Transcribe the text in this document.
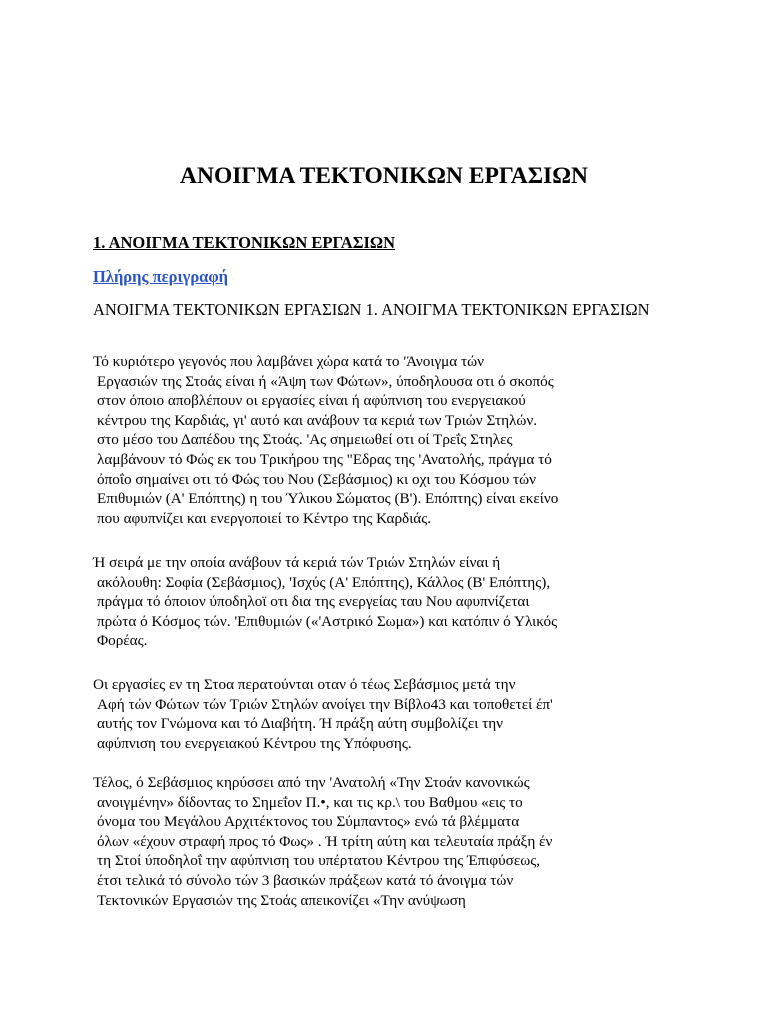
ΑΝΟΙΓΜΑ ΤΕΚΤΟΝΙΚΩΝ ΕΡΓΑΣΙΩΝ
1. ΑΝΟΙΓΜΑ ΤΕΚΤΟΝΙΚΩΝ ΕΡΓΑΣΙΩΝ
Πλήρης περιγραφή

ΑΝΟΙΓΜΑ ΤΕΚΤΟΝΙΚΩΝ ΕΡΓΑΣΙΩΝ 1. ΑΝΟΙΓΜΑ ΤΕΚΤΟΝΙΚΩΝ ΕΡΓΑΣΙΩΝ

Τό κυριότερο γεγονός που λαμβάνει χώρα κατά το 'Άνοιγμα τών
Εργασιών της Στοάς είναι ή «Άψη των Φώτων», ύποδηλουσα οτι ό σκοπός
στον όποιο αποβλέπουν οι εργασίες είναι ή αφύπνιση του ενεργειακού
κέντρου της Καρδιάς, γι' αυτό και ανάβουν τα κεριά των Τριών Στηλών.
στο μέσο του Δαπέδου της Στοάς. 'Ας σημειωθεί οτι οί Τρεΐς Στηλες
λαμβάνουν τό Φώς εκ του Τρικήρου της "Εδρας της 'Ανατολής, πράγμα τό
όποΐο σημαίνει οτι τό Φώς του Νου (Σεβάσμιος) κι οχι του Κόσμου τών
Επιθυμιών (Α' Επόπτης) η του Ύλικου Σώματος (Β'). Επόπτης) είναι εκείνο
που αφυπνίζει και ενεργοποιεί το Κέντρο της Καρδιάς.

Ή σειρά με την οποία ανάβουν τά κεριά τών Τριών Στηλών είναι ή
ακόλουθη: Σοφία (Σεβάσμιος), 'Ισχύς (Α' Επόπτης), Κάλλος (Β' Επόπτης),
πράγμα τό όποιον ύποδηλοϊ οτι δια της ενεργείας ταυ Νου αφυπνίζεται
πρώτα ό Κόσμος τών. 'Επιθυμιών («'Αστρικό Σωμα») και κατόπιν ό Υλικός
Φορέας.

Οι εργασίες εν τη Στοα περατούνται οταν ό τέως Σεβάσμιος μετά την
Αφή τών Φώτων τών Τριών Στηλών ανοίγει την Βίβλο43 και τοποθετεί έπ'
αυτής τον Γνώμονα και τό Διαβήτη. Ή πράξη αύτη συμβολίζει την
αφύπνιση του ενεργειακού Κέντρου της Υπόφυσης.

Τέλος, ό Σεβάσμιος κηρύσσει από την 'Ανατολή «Την Στοάν κανονικώς
ανοιγμένην» δίδοντας το Σημεΐον Π.•, και τις κρ.\ του Βαθμου «εις το
όνομα του Μεγάλου Αρχιτέκτονος του Σύμπαντος» ενώ τά βλέμματα
όλων «έχουν στραφή προς τό Φως» . Ή τρίτη αύτη και τελευταία πράξη έν
τη Στοί ύποδηλοΐ την αφύπνιση του υπέρτατου Κέντρου της Έπιφύσεως,
έτσι τελικά τό σύνολο τών 3 βασικών πράξεων κατά τό άνοιγμα τών
Τεκτονικών Εργασιών της Στοάς απεικονίζει «Την ανύψωση
